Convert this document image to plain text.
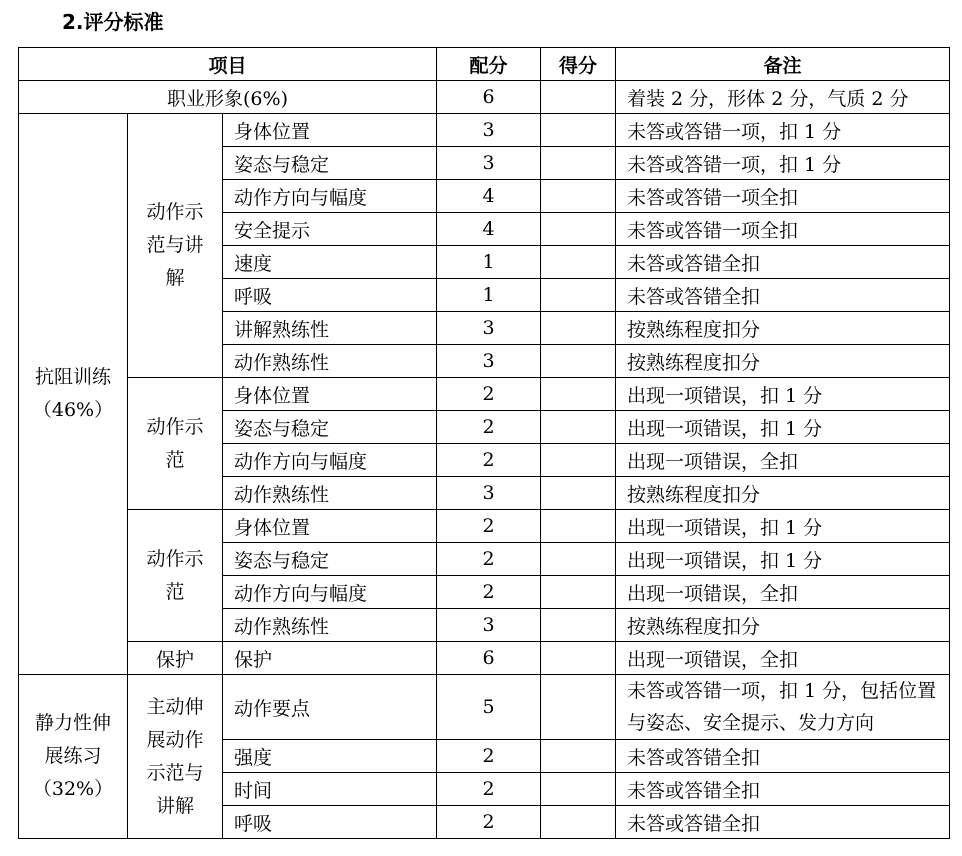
2.评分标准
项目			配分	得分	备注
职业形象(6%)			6		着装 2 分，形体 2 分，气质 2 分

抗阻训练
（46%）	动作示范与讲解	身体位置	3		未答或答错一项，扣 1 分
		姿态与稳定	3		未答或答错一项，扣 1 分
		动作方向与幅度	4		未答或答错一项全扣
		安全提示	4		未答或答错一项全扣
		速度	1		未答或答错全扣
		呼吸	1		未答或答错全扣
		讲解熟练性	3		按熟练程度扣分
		动作熟练性	3		按熟练程度扣分
	动作示范	身体位置	2		出现一项错误，扣 1 分
		姿态与稳定	2		出现一项错误，扣 1 分
		动作方向与幅度	2		出现一项错误，全扣
		动作熟练性	3		按熟练程度扣分
	动作示范	身体位置	2		出现一项错误，扣 1 分
		姿态与稳定	2		出现一项错误，扣 1 分
		动作方向与幅度	2		出现一项错误，全扣
		动作熟练性	3		按熟练程度扣分
	保护	保护	6		出现一项错误，全扣

静力性伸
展练习
（32%）	主动伸展动作示范与讲解	动作要点	5		未答或答错一项，扣 1 分，包括位置与姿态、安全提示、发力方向
		强度	2		未答或答错全扣
		时间	2		未答或答错全扣
		呼吸	2		未答或答错全扣
